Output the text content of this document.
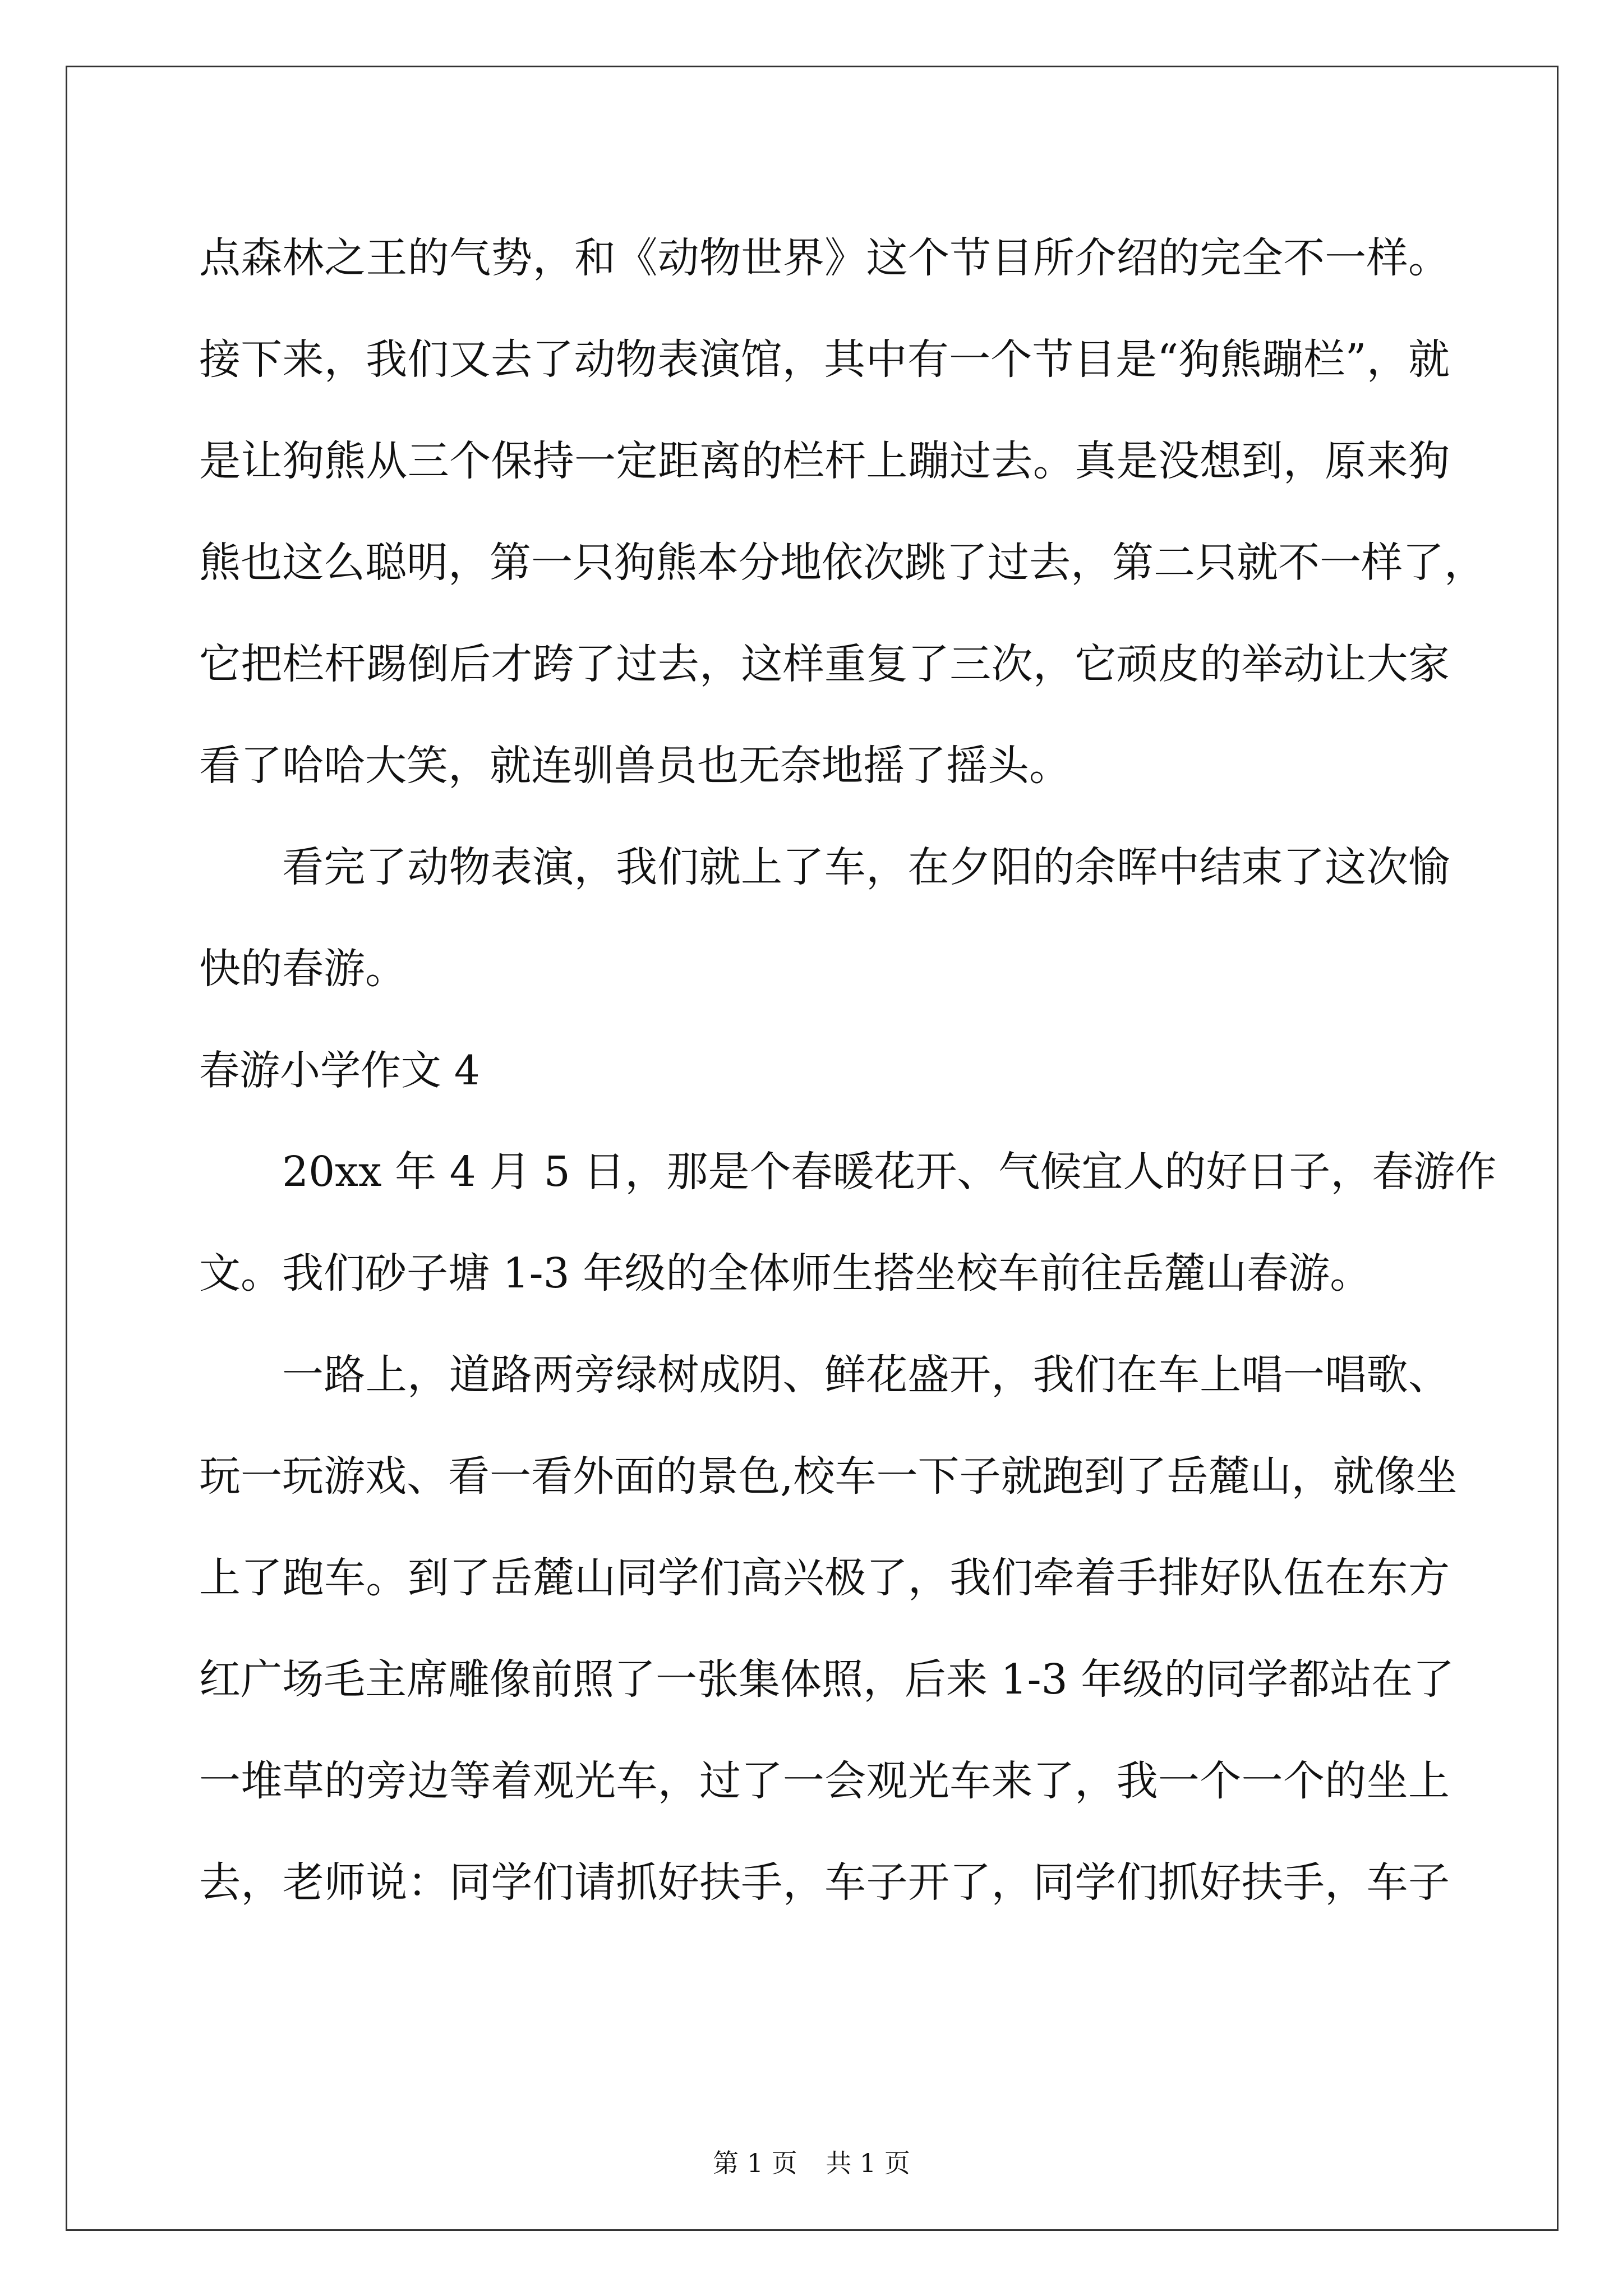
点森林之王的气势，和《动物世界》这个节目所介绍的完全不一样。
接下来，我们又去了动物表演馆，其中有一个节目是“狗熊蹦栏”，就
是让狗熊从三个保持一定距离的栏杆上蹦过去。真是没想到，原来狗
熊也这么聪明，第一只狗熊本分地依次跳了过去，第二只就不一样了，
它把栏杆踢倒后才跨了过去，这样重复了三次，它顽皮的举动让大家
看了哈哈大笑，就连驯兽员也无奈地摇了摇头。
看完了动物表演，我们就上了车，在夕阳的余晖中结束了这次愉
快的春游。
春游小学作文 4
20xx 年 4 月 5 日，那是个春暖花开、气候宜人的好日子，春游作
文。我们砂子塘 1-3 年级的全体师生搭坐校车前往岳麓山春游。
一路上，道路两旁绿树成阴、鲜花盛开，我们在车上唱一唱歌、
玩一玩游戏、看一看外面的景色,校车一下子就跑到了岳麓山，就像坐
上了跑车。到了岳麓山同学们高兴极了，我们牵着手排好队伍在东方
红广场毛主席雕像前照了一张集体照，后来 1-3 年级的同学都站在了
一堆草的旁边等着观光车，过了一会观光车来了，我一个一个的坐上
去，老师说：同学们请抓好扶手，车子开了，同学们抓好扶手，车子
第 1 页 共 1 页
